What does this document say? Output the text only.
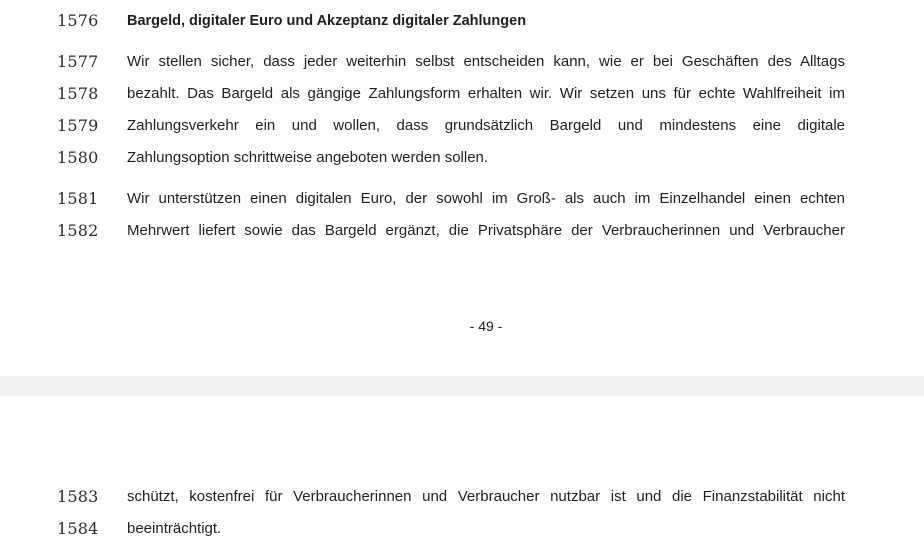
1576	Bargeld, digitaler Euro und Akzeptanz digitaler Zahlungen
1577	Wir stellen sicher, dass jeder weiterhin selbst entscheiden kann, wie er bei Geschäften des Alltags
1578	bezahlt. Das Bargeld als gängige Zahlungsform erhalten wir. Wir setzen uns für echte Wahlfreiheit im
1579	Zahlungsverkehr ein und wollen, dass grundsätzlich Bargeld und mindestens eine digitale
1580	Zahlungsoption schrittweise angeboten werden sollen.
1581	Wir unterstützen einen digitalen Euro, der sowohl im Groß- als auch im Einzelhandel einen echten
1582	Mehrwert liefert sowie das Bargeld ergänzt, die Privatsphäre der Verbraucherinnen und Verbraucher
- 49 -
1583	schützt, kostenfrei für Verbraucherinnen und Verbraucher nutzbar ist und die Finanzstabilität nicht
1584	beeinträchtigt.
